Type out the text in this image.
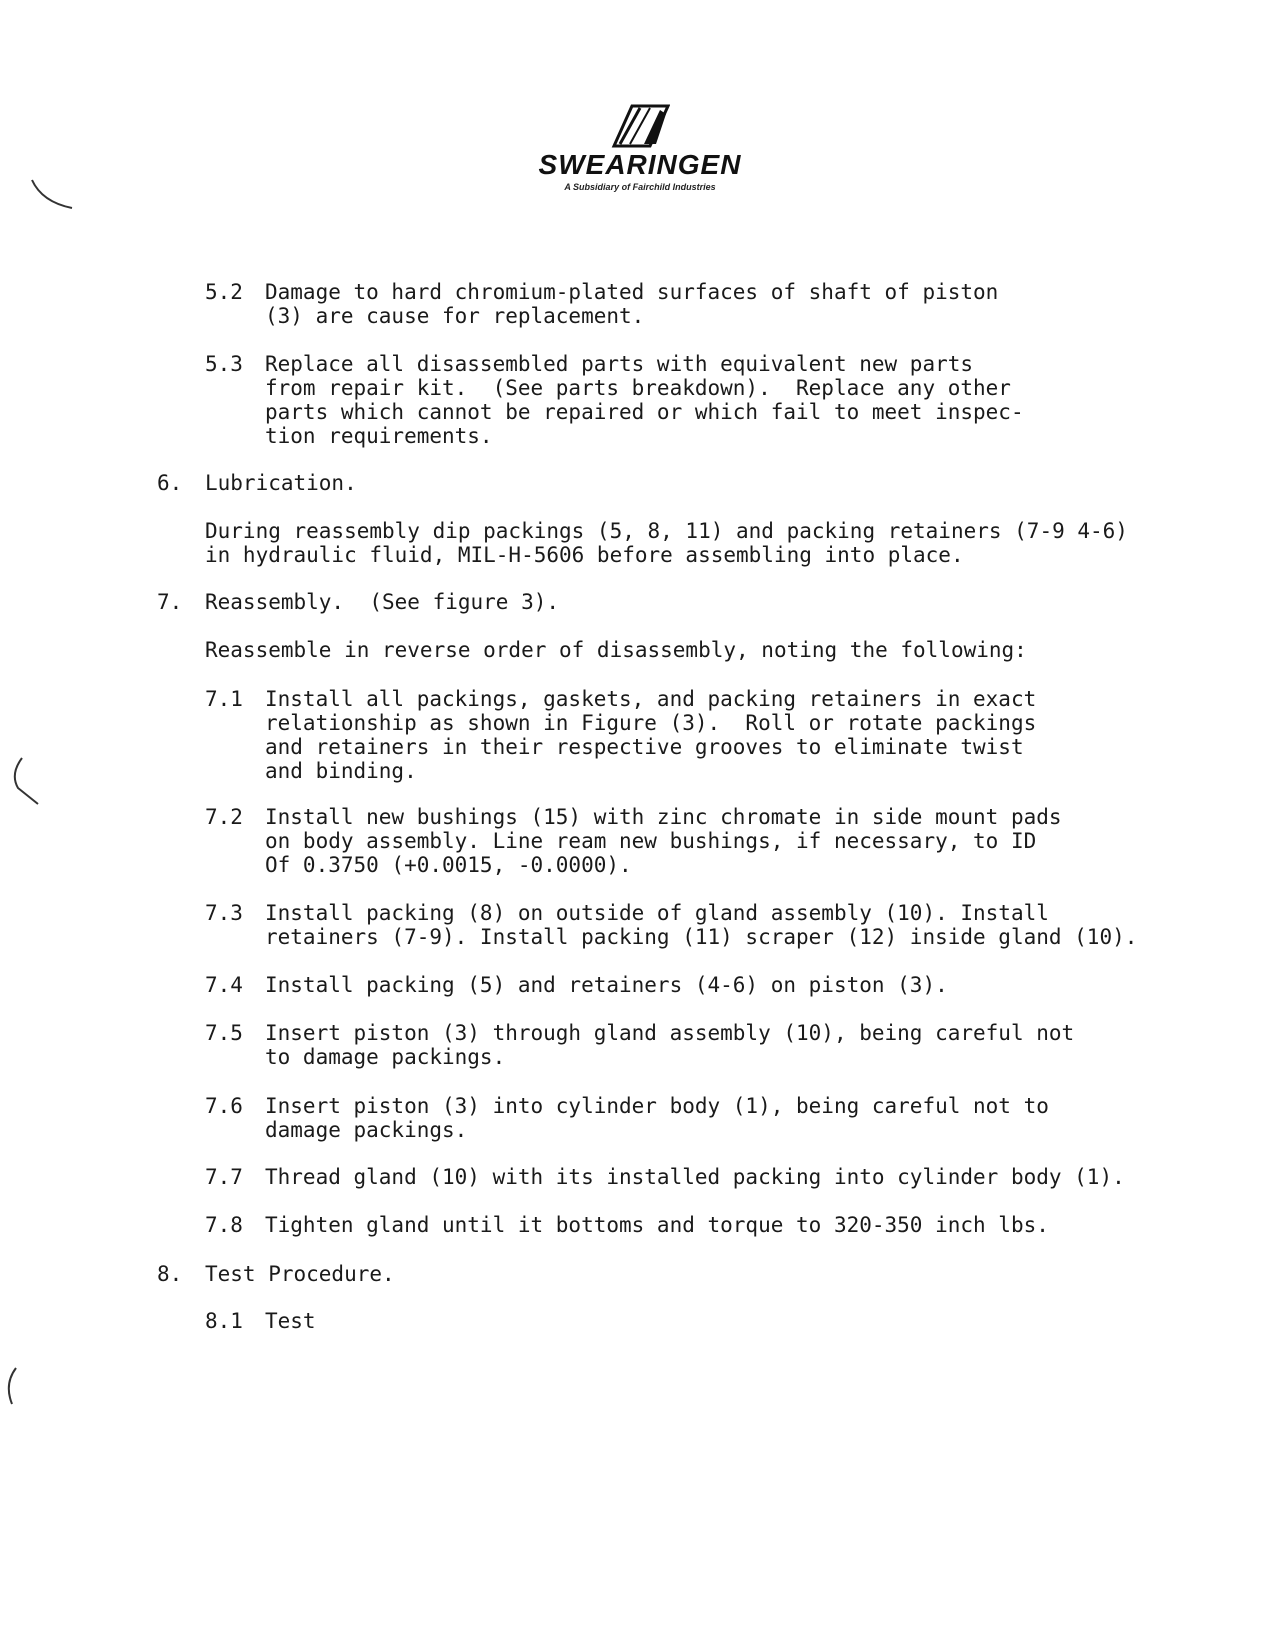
SWEARINGEN
A Subsidiary of Fairchild Industries
5.2 Damage to hard chromium-plated surfaces of shaft of piston
(3) are cause for replacement.
5.3 Replace all disassembled parts with equivalent new parts
from repair kit.  (See parts breakdown).  Replace any other
parts which cannot be repaired or which fail to meet inspec-
tion requirements.
6. Lubrication.
During reassembly dip packings (5, 8, 11) and packing retainers (7-9 4-6)
in hydraulic fluid, MIL-H-5606 before assembling into place.
7. Reassembly.  (See figure 3).
Reassemble in reverse order of disassembly, noting the following:
7.1 Install all packings, gaskets, and packing retainers in exact
relationship as shown in Figure (3).  Roll or rotate packings
and retainers in their respective grooves to eliminate twist
and binding.
7.2 Install new bushings (15) with zinc chromate in side mount pads
on body assembly. Line ream new bushings, if necessary, to ID
Of 0.3750 (+0.0015, -0.0000).
7.3 Install packing (8) on outside of gland assembly (10). Install
retainers (7-9). Install packing (11) scraper (12) inside gland (10).
7.4 Install packing (5) and retainers (4-6) on piston (3).
7.5 Insert piston (3) through gland assembly (10), being careful not
to damage packings.
7.6 Insert piston (3) into cylinder body (1), being careful not to
damage packings.
7.7 Thread gland (10) with its installed packing into cylinder body (1).
7.8 Tighten gland until it bottoms and torque to 320-350 inch lbs.
8. Test Procedure.
8.1 Test
